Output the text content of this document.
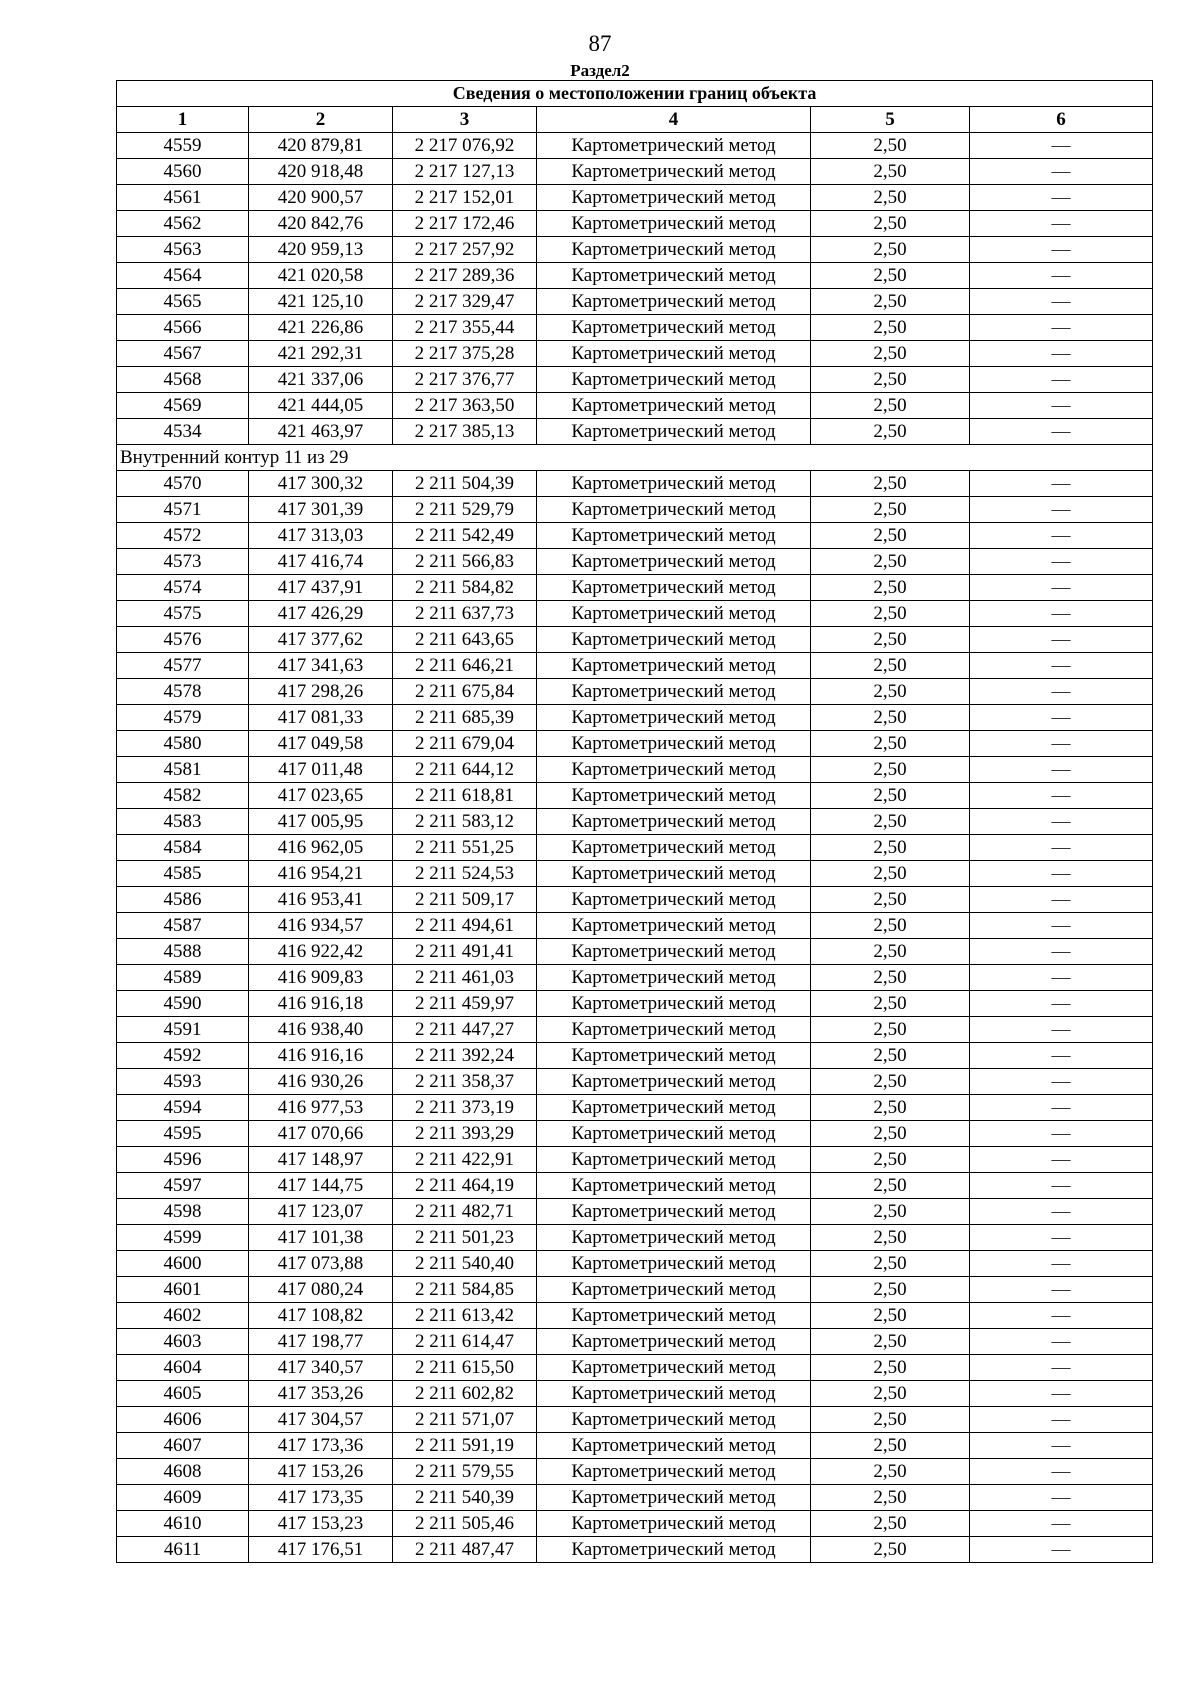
87
Раздел2
Сведения о местоположении границ объекта					
1	2	3	4	5	6
4559	420 879,81	2 217 076,92	Картометрический метод	2,50	—
4560	420 918,48	2 217 127,13	Картометрический метод	2,50	—
4561	420 900,57	2 217 152,01	Картометрический метод	2,50	—
4562	420 842,76	2 217 172,46	Картометрический метод	2,50	—
4563	420 959,13	2 217 257,92	Картометрический метод	2,50	—
4564	421 020,58	2 217 289,36	Картометрический метод	2,50	—
4565	421 125,10	2 217 329,47	Картометрический метод	2,50	—
4566	421 226,86	2 217 355,44	Картометрический метод	2,50	—
4567	421 292,31	2 217 375,28	Картометрический метод	2,50	—
4568	421 337,06	2 217 376,77	Картометрический метод	2,50	—
4569	421 444,05	2 217 363,50	Картометрический метод	2,50	—
4534	421 463,97	2 217 385,13	Картометрический метод	2,50	—
Внутренний контур 11 из 29					
4570	417 300,32	2 211 504,39	Картометрический метод	2,50	—
4571	417 301,39	2 211 529,79	Картометрический метод	2,50	—
4572	417 313,03	2 211 542,49	Картометрический метод	2,50	—
4573	417 416,74	2 211 566,83	Картометрический метод	2,50	—
4574	417 437,91	2 211 584,82	Картометрический метод	2,50	—
4575	417 426,29	2 211 637,73	Картометрический метод	2,50	—
4576	417 377,62	2 211 643,65	Картометрический метод	2,50	—
4577	417 341,63	2 211 646,21	Картометрический метод	2,50	—
4578	417 298,26	2 211 675,84	Картометрический метод	2,50	—
4579	417 081,33	2 211 685,39	Картометрический метод	2,50	—
4580	417 049,58	2 211 679,04	Картометрический метод	2,50	—
4581	417 011,48	2 211 644,12	Картометрический метод	2,50	—
4582	417 023,65	2 211 618,81	Картометрический метод	2,50	—
4583	417 005,95	2 211 583,12	Картометрический метод	2,50	—
4584	416 962,05	2 211 551,25	Картометрический метод	2,50	—
4585	416 954,21	2 211 524,53	Картометрический метод	2,50	—
4586	416 953,41	2 211 509,17	Картометрический метод	2,50	—
4587	416 934,57	2 211 494,61	Картометрический метод	2,50	—
4588	416 922,42	2 211 491,41	Картометрический метод	2,50	—
4589	416 909,83	2 211 461,03	Картометрический метод	2,50	—
4590	416 916,18	2 211 459,97	Картометрический метод	2,50	—
4591	416 938,40	2 211 447,27	Картометрический метод	2,50	—
4592	416 916,16	2 211 392,24	Картометрический метод	2,50	—
4593	416 930,26	2 211 358,37	Картометрический метод	2,50	—
4594	416 977,53	2 211 373,19	Картометрический метод	2,50	—
4595	417 070,66	2 211 393,29	Картометрический метод	2,50	—
4596	417 148,97	2 211 422,91	Картометрический метод	2,50	—
4597	417 144,75	2 211 464,19	Картометрический метод	2,50	—
4598	417 123,07	2 211 482,71	Картометрический метод	2,50	—
4599	417 101,38	2 211 501,23	Картометрический метод	2,50	—
4600	417 073,88	2 211 540,40	Картометрический метод	2,50	—
4601	417 080,24	2 211 584,85	Картометрический метод	2,50	—
4602	417 108,82	2 211 613,42	Картометрический метод	2,50	—
4603	417 198,77	2 211 614,47	Картометрический метод	2,50	—
4604	417 340,57	2 211 615,50	Картометрический метод	2,50	—
4605	417 353,26	2 211 602,82	Картометрический метод	2,50	—
4606	417 304,57	2 211 571,07	Картометрический метод	2,50	—
4607	417 173,36	2 211 591,19	Картометрический метод	2,50	—
4608	417 153,26	2 211 579,55	Картометрический метод	2,50	—
4609	417 173,35	2 211 540,39	Картометрический метод	2,50	—
4610	417 153,23	2 211 505,46	Картометрический метод	2,50	—
4611	417 176,51	2 211 487,47	Картометрический метод	2,50	—
